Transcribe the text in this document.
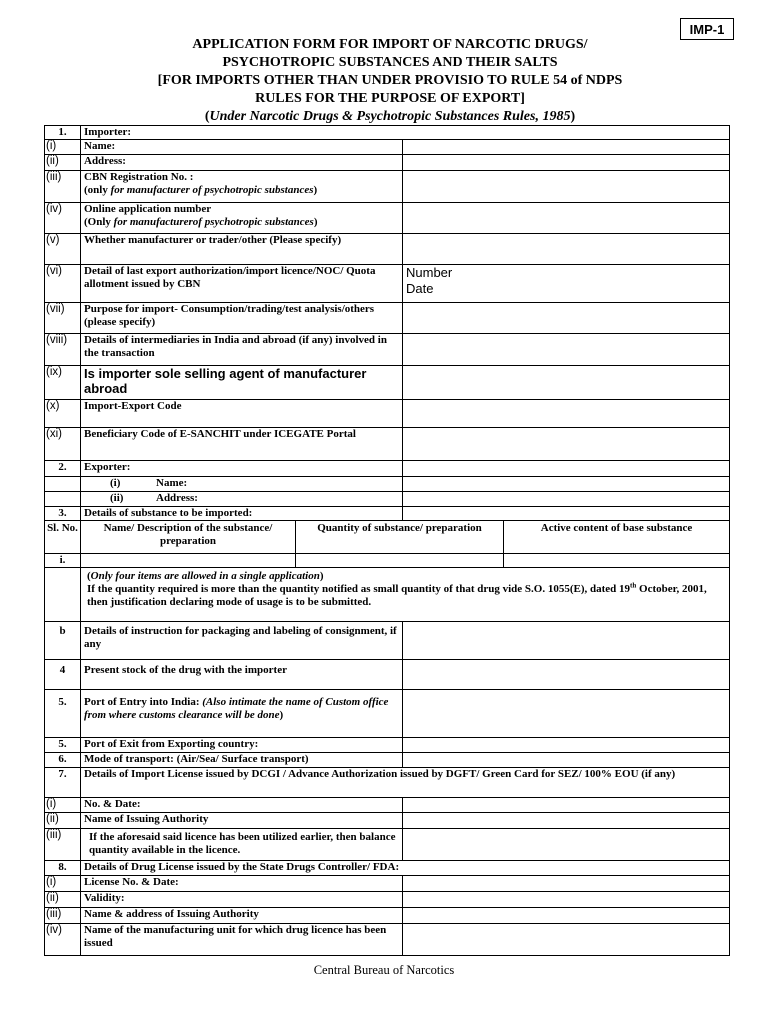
IMP-1
APPLICATION FORM FOR IMPORT OF NARCOTIC DRUGS/
PSYCHOTROPIC SUBSTANCES AND THEIR SALTS
[FOR IMPORTS OTHER THAN UNDER PROVISIO TO RULE 54 of NDPS
RULES FOR THE PURPOSE OF EXPORT]
(Under Narcotic Drugs & Psychotropic Substances Rules, 1985)
1.	Importer:			
(i)	Name:			
(ii)	Address:			
(iii)	CBN Registration No. :
(only for manufacturer of psychotropic substances)			
(iv)	Online application number
(Only for manufacturerof psychotropic substances)			
(v)	Whether manufacturer or trader/other (Please specify)			
(vi)	Detail of last export authorization/import licence/NOC/ Quota allotment issued by CBN		Number
Date	
(vii)	Purpose for import- Consumption/trading/test analysis/others (please specify)			
(viii)	Details of intermediaries in India and abroad (if any) involved in the transaction			
(ix)	Is importer sole selling agent of manufacturer abroad			
(x)	Import-Export Code			
(xi)	Beneficiary Code of E-SANCHIT under ICEGATE Portal			
2.	Exporter:			
	(i) Name:			
	(ii) Address:			
3.	Details of substance to be imported:			
Sl. No.	Name/ Description of the substance/ preparation	Quantity of substance/ preparation		Active content of base substance
i.				
	(Only four items are allowed in a single application)
If the quantity required is more than the quantity notified as small quantity of that drug vide S.O. 1055(E), dated 19th October, 2001, then justification declaring mode of usage is to be submitted.			
b	Details of instruction for packaging and labeling of consignment, if any			
4	Present stock of the drug with the importer			
5.	Port of Entry into India: (Also intimate the name of Custom office from where customs clearance will be done)			
5.	Port of Exit from Exporting country:			
6.	Mode of transport: (Air/Sea/ Surface transport)			
7.	Details of Import License issued by DCGI / Advance Authorization issued by DGFT/ Green Card for SEZ/ 100% EOU (if any)			
(i)	No. & Date:			
(ii)	Name of Issuing Authority			
(iii)	If the aforesaid said licence has been utilized earlier, then balance quantity available in the licence.			
8.	Details of Drug License issued by the State Drugs Controller/ FDA:			
(i)	License No. & Date:			
(ii)	Validity:			
(iii)	Name & address of Issuing Authority			
(iv)	Name of the manufacturing unit for which drug licence has been issued			
Central Bureau of Narcotics
